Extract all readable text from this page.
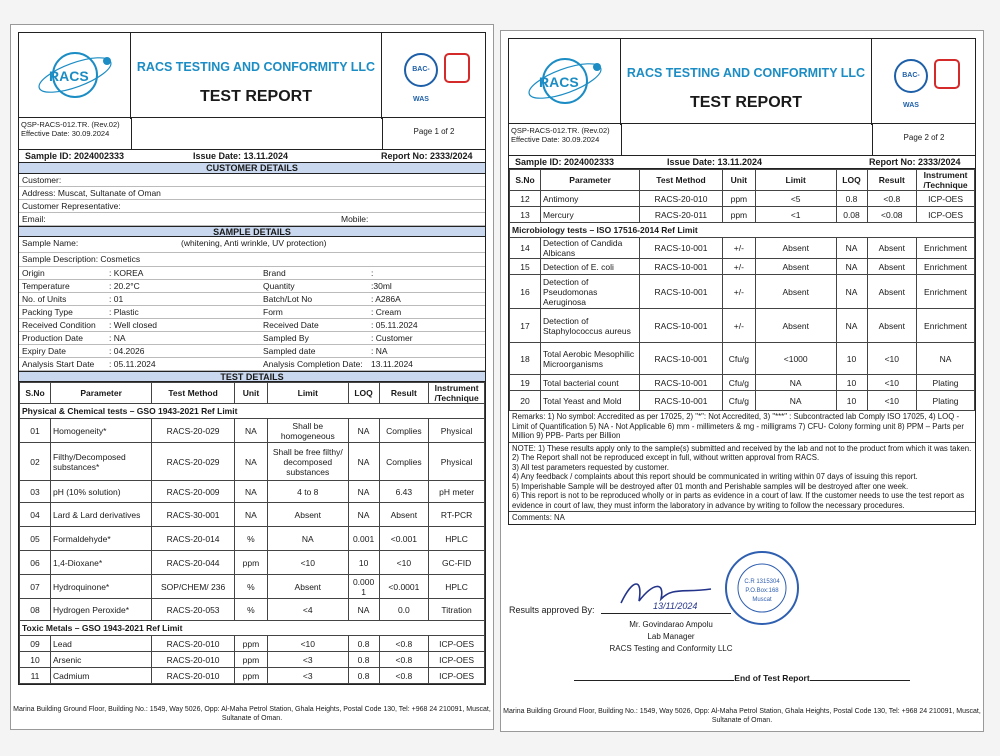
RACS
RACS TESTING AND CONFORMITY LLC
TEST REPORT
BAC-WAS
QSP-RACS-012.TR. (Rev.02)
Effective Date: 30.09.2024	Page 1 of 2
Sample ID: 2024002333	Issue Date: 13.11.2024	Report No: 2333/2024
CUSTOMER DETAILS
Customer:
Address: Muscat, Sultanate of Oman
Customer Representative:
Email:	Mobile:
SAMPLE DETAILS
Sample Name:	(whitening, Anti wrinkle, UV protection)
Sample Description: Cosmetics
Origin	: KOREA	Brand	:
Temperature	: 20.2°C	Quantity	:30ml
No. of Units	: 01	Batch/Lot No	: A286A
Packing Type	: Plastic	Form	: Cream
Received Condition : Well closed	Received Date	: 05.11.2024
Production Date	: NA	Sampled By	: Customer
Expiry Date	: 04.2026	Sampled date	: NA
Analysis Start Date : 05.11.2024	Analysis Completion Date: 13.11.2024
TEST DETAILS
S.No	Parameter	Test Method	Unit	Limit	LOQ	Result	Instrument /Technique
Physical & Chemical tests – GSO 1943-2021 Ref Limit							
01	Homogeneity*	RACS-20-029	NA	Shall be homogeneous	NA	Complies	Physical
02	Filthy/Decomposed substances*	RACS-20-029	NA	Shall be free filthy/ decomposed substances	NA	Complies	Physical
03	pH (10% solution)	RACS-20-009	NA	4 to 8	NA	6.43	pH meter
04	Lard & Lard derivatives	RACS-30-001	NA	Absent	NA	Absent	RT-PCR
05	Formaldehyde*	RACS-20-014	%	NA	0.001	<0.001	HPLC
06	1,4-Dioxane*	RACS-20-044	ppm	<10	10	<10	GC-FID
07	Hydroquinone*	SOP/CHEM/ 236	%	Absent	0.000 1	<0.0001	HPLC
08	Hydrogen Peroxide*	RACS-20-053	%	<4	NA	0.0	Titration
Toxic Metals – GSO 1943-2021 Ref Limit							
09	Lead	RACS-20-010	ppm	<10	0.8	<0.8	ICP-OES
10	Arsenic	RACS-20-010	ppm	<3	0.8	<0.8	ICP-OES
11	Cadmium	RACS-20-010	ppm	<3	0.8	<0.8	ICP-OES
Marina Building Ground Floor, Building No.: 1549, Way 5026, Opp: Al-Maha Petrol Station, Ghala Heights, Postal Code 130, Tel: +968 24 210091, Muscat, Sultanate of Oman.
RACS
RACS TESTING AND CONFORMITY LLC
TEST REPORT
BAC-WAS
QSP-RACS-012.TR. (Rev.02)
Effective Date: 30.09.2024	Page 2 of 2
Sample ID: 2024002333	Issue Date: 13.11.2024	Report No: 2333/2024
S.No	Parameter	Test Method	Unit	Limit	LOQ	Result	Instrument /Technique
12	Antimony	RACS-20-010	ppm	<5	0.8	<0.8	ICP-OES
13	Mercury	RACS-20-011	ppm	<1	0.08	<0.08	ICP-OES
Microbiology tests – ISO 17516-2014 Ref Limit							
14	Detection of Candida Albicans	RACS-10-001	+/-	Absent	NA	Absent	Enrichment
15	Detection of E. coli	RACS-10-001	+/-	Absent	NA	Absent	Enrichment
16	Detection of Pseudomonas Aeruginosa	RACS-10-001	+/-	Absent	NA	Absent	Enrichment
17	Detection of Staphylococcus aureus	RACS-10-001	+/-	Absent	NA	Absent	Enrichment
18	Total Aerobic Mesophilic Microorganisms	RACS-10-001	Cfu/g	<1000	10	<10	NA
19	Total bacterial count	RACS-10-001	Cfu/g	NA	10	<10	Plating
20	Total Yeast and Mold	RACS-10-001	Cfu/g	NA	10	<10	Plating
Remarks: 1) No symbol: Accredited as per 17025, 2) "*": Not Accredited, 3) "***" : Subcontracted lab Comply ISO 17025, 4) LOQ - Limit of Quantification 5) NA - Not Applicable 6) mm - millimeters & mg - milligrams 7) CFU- Colony forming unit 8) PPM – Parts per Million 9) PPB- Parts per Billion
NOTE: 1) These results apply only to the sample(s) submitted and received by the lab and not to the product from which it was taken.
2) The Report shall not be reproduced except in full, without written approval from RACS.
3) All test parameters requested by customer.
4) Any feedback / complaints about this report should be communicated in writing within 07 days of issuing this report.
5) Imperishable Sample will be destroyed after 01 month and Perishable samples will be destroyed after one week.
6) This report is not to be reproduced wholly or in parts as evidence in a court of law. If the customer needs to use the test report as evidence in court of law, they must inform the laboratory in advance by writing to follow the necessary procedures.
Comments: NA
Results approved By:	13/11/2024
Mr. Govindarao Ampolu
Lab Manager
RACS Testing and Conformity LLC
C.R 1315304
P.O.Box:168
Muscat
End of Test Report
Marina Building Ground Floor, Building No.: 1549, Way 5026, Opp: Al-Maha Petrol Station, Ghala Heights, Postal Code 130, Tel: +968 24 210091, Muscat, Sultanate of Oman.
